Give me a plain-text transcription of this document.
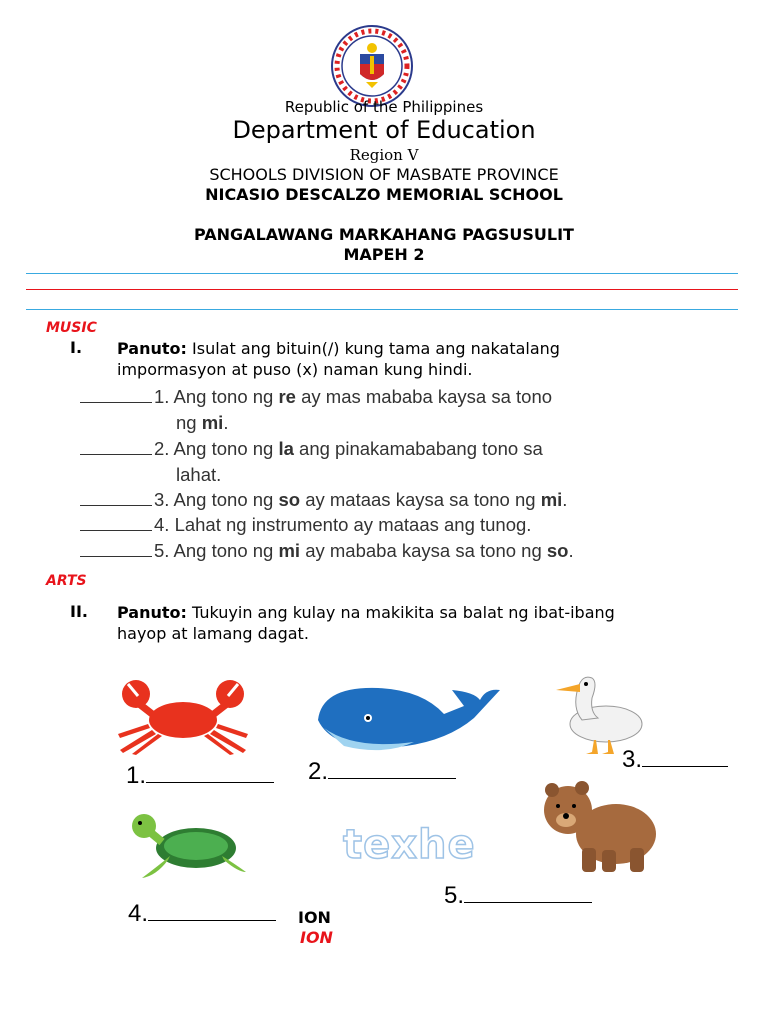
Republic of the Philippines
Department of Education
Region V
SCHOOLS DIVISION OF MASBATE PROVINCE
NICASIO DESCALZO MEMORIAL SCHOOL
PANGALAWANG MARKAHANG PAGSUSULIT
MAPEH 2
MUSIC
I. Panuto: Isulat ang bituin(/) kung tama ang nakatalang
impormasyon at puso (x) naman kung hindi.
1. Ang tono ng re ay mas mababa kaysa sa tono
ng mi.
2. Ang tono ng la ang pinakamababang tono sa
lahat.
3. Ang tono ng so ay mataas kaysa sa tono ng mi.
4. Lahat ng instrumento ay mataas ang tunog.
5. Ang tono ng mi ay mababa kaysa sa tono ng so.
ARTS
II. Panuto: Tukuyin ang kulay na makikita sa balat ng ibat-ibang
hayop at lamang dagat.
texhe
1.	2.	3.
4.
5.
ION
ION
